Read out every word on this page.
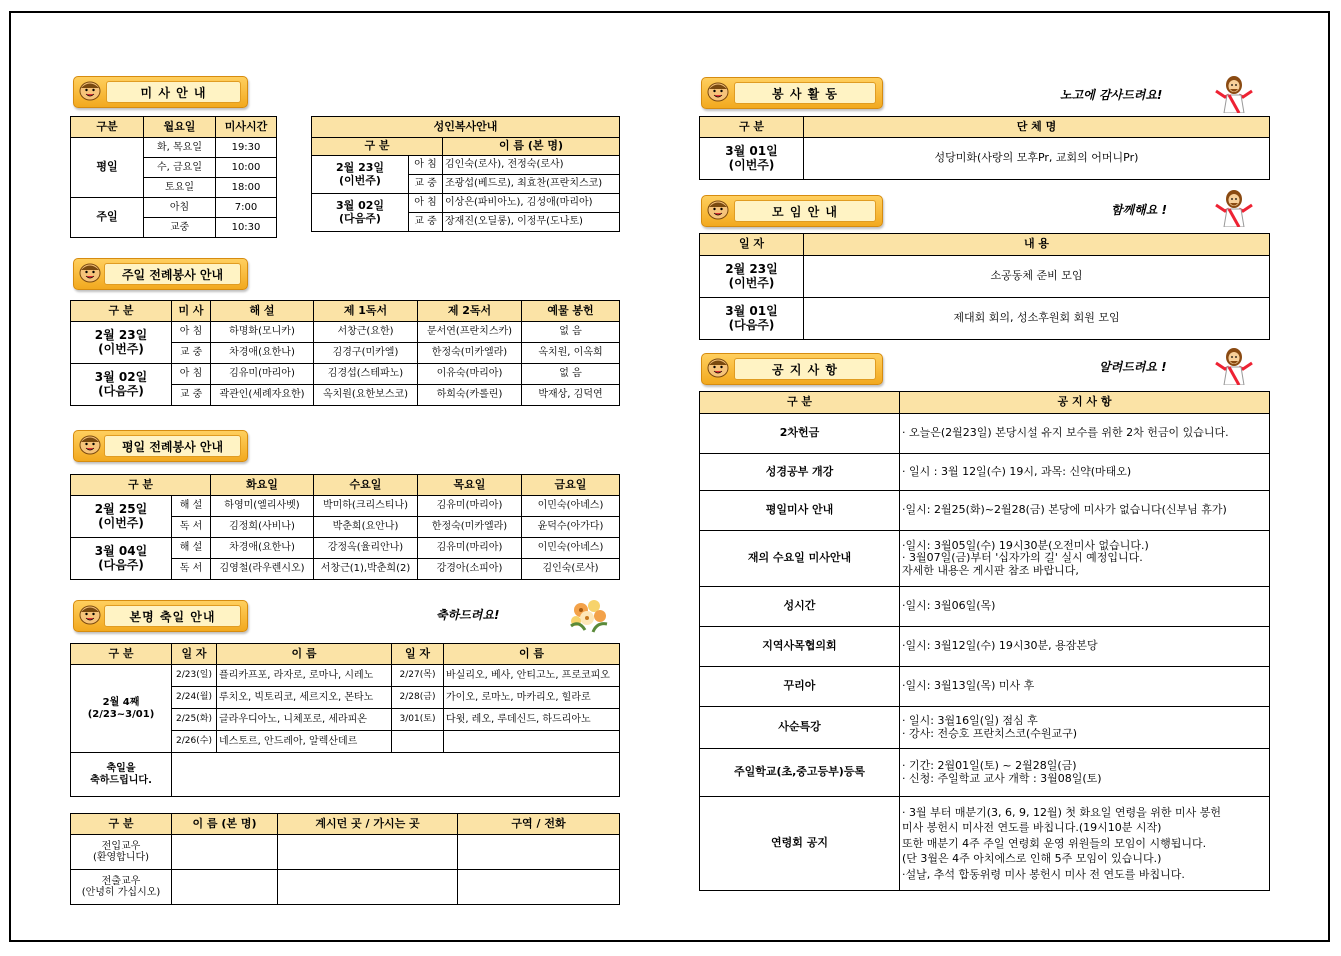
미 사 안 내
구분	월요일	미사시간
평일	화, 목요일	19:30
	수, 금요일	10:00
	토요일	18:00
주일	아침	7:00
	교중	10:30
성인복사안내		
구 분		이 름 (본 명)

2월 23일
(이번주)	아 침	김인숙(로사), 전정숙(로사)
	교 중	조광섭(베드로), 최효찬(프란치스코)

3월 02일
(다음주)	아 침	이상은(파비아노), 김성애(마리아)
	교 중	장재진(오딜롱), 이정무(도나토)
주일 전례봉사 안내
구 분	미 사	해 설	제 1독서	제 2독서	예물 봉헌

2월 23일
(이번주)	아 침	하명화(모니카)	서창근(요한)	문서연(프란치스카)	없 음
	교 중	차경애(요한나)	김경구(미카엘)	한정숙(미카엘라)	옥치원, 이옥희

3월 02일
(다음주)	아 침	김유미(마리아)	김경섭(스테파노)	이유숙(마리아)	없 음
	교 중	곽관인(세례자요한)	옥치원(요한보스코)	하희숙(카롤린)	박재상, 김덕연
평일 전례봉사 안내
구 분		화요일	수요일	목요일	금요일

2월 25일
(이번주)	해 설	하영미(엘리사벳)	박미하(크리스티나)	김유미(마리아)	이민숙(아녜스)
	독 서	김정희(사비나)	박춘희(요안나)	한정숙(미카엘라)	윤덕수(아가다)

3월 04일
(다음주)	해 설	차경애(요한나)	강정옥(율리안나)	김유미(마리아)	이민숙(아녜스)
	독 서	김영철(라우렌시오)	서창근(1),박춘희(2)	강경아(소피아)	김인숙(로사)
본명 축일 안내	축하드려요!
구 분	일 자	이 름	일 자	이 름

2월 4째
(2/23~3/01)	2/23(일)	플리카프포, 라자로, 로마나, 시레노	2/27(목)	바실리오, 베사, 안티고노, 프로코피오
	2/24(월)	루치오, 빅토리코, 세르지오, 몬타노	2/28(금)	가이오, 로마노, 마카리오, 힐라로
	2/25(화)	글라우디아노, 니체포로, 세라피온	3/01(토)	다윗, 레오, 루데신드, 하드리아노
	2/26(수)	네스토르, 안드레아, 알렉산데르		

축일을
축하드립니다.				

구 분	이 름 (본 명)	계시던 곳 / 가시는 곳	구역 / 전화

전입교우
(환영합니다)			

전출교우
(안녕히 가십시오)			

봉 사 활 동	노고에 감사드려요!
구 분	단 체 명

3월 01일
(이번주)	성당미화(사랑의 모후Pr, 교회의 어머니Pr)
모 임 안 내	함께해요 !
일 자	내 용

2월 23일
(이번주)	소공동체 준비 모임

3월 01일
(다음주)	제대회 회의, 성소후원회 회원 모임
공 지 사 항	알려드려요 !
구 분	공 지 사 항
2차헌금	· 오늘은(2월23일) 본당시설 유지 보수를 위한 2차 헌금이 있습니다.

성경공부 개강	· 일시 : 3월 12일(수) 19시, 과목: 신약(마태오)

평일미사 안내	·일시: 2월25(화)~2월28(금) 본당에 미사가 없습니다(신부님 휴가)

재의 수요일 미사안내	·일시: 3월05일(수) 19시30분(오전미사 없습니다.)
· 3월07일(금)부터 '십자가의 길' 실시 예정입니다.
자세한 내용은 게시판 참조 바랍니다,

성시간	·일시: 3월06일(목)

지역사목협의회	·일시: 3월12일(수) 19시30분, 용잠본당

꾸리아	·일시: 3월13일(목) 미사 후

사순특강	· 일시: 3월16일(일) 점심 후
· 강사: 전승호 프란치스코(수원교구)

주일학교(초,중고등부)등록	· 기간: 2월01일(토) ~ 2월28일(금)
· 신청: 주일학교 교사 개학 : 3월08일(토)

연령회 공지	· 3월 부터 매분기(3, 6, 9, 12월) 첫 화요일 연령을 위한 미사 봉헌
미사 봉헌시 미사전 연도를 바칩니다.(19시10분 시작)
또한 매분기 4주 주일 연령회 운영 위원들의 모임이 시행됩니다.
(단 3월은 4주 아치에스로 인해 5주 모임이 있습니다.)
·설날, 추석 합동위령 미사 봉헌시 미사 전 연도를 바칩니다.
